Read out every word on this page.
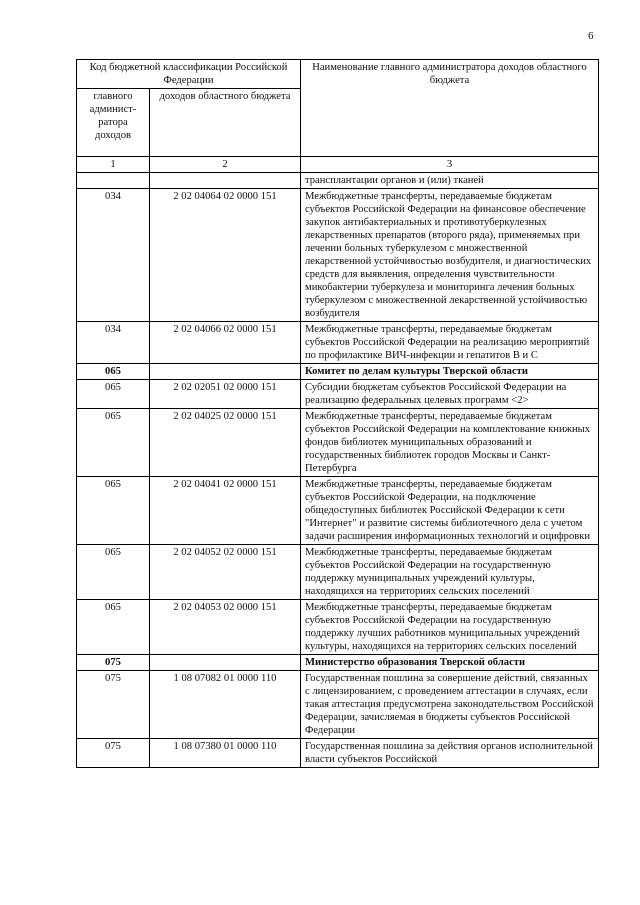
6
Код бюджетной классификации Российской Федерации		Наименование главного администратора доходов областного бюджета
главного админист-ратора доходов	доходов областного бюджета	
1	2	3
		трансплантации органов и (или) тканей
034	2 02 04064 02 0000 151	Межбюджетные трансферты, передаваемые бюджетам субъектов Российской Федерации на финансовое обеспечение закупок антибактериальных и противотуберкулезных лекарственных препаратов (второго ряда), применяемых при лечении больных туберкулезом с множественной лекарственной устойчивостью возбудителя, и диагностических средств для выявления, определения чувствительности микобактерии туберкулеза и мониторинга лечения больных туберкулезом с множественной лекарственной устойчивостью возбудителя
034	2 02 04066 02 0000 151	Межбюджетные трансферты, передаваемые бюджетам субъектов Российской Федерации на реализацию мероприятий по профилактике ВИЧ-инфекции и гепатитов B и C
065		Комитет по делам культуры Тверской области
065	2 02 02051 02 0000 151	Субсидии бюджетам субъектов Российской Федерации на реализацию федеральных целевых программ <2>
065	2 02 04025 02 0000 151	Межбюджетные трансферты, передаваемые бюджетам субъектов Российской Федерации на комплектование книжных фондов библиотек муниципальных образований и государственных библиотек городов Москвы и Санкт-Петербурга
065	2 02 04041 02 0000 151	Межбюджетные трансферты, передаваемые бюджетам субъектов Российской Федерации, на подключение общедоступных библиотек Российской Федерации к сети "Интернет" и развитие системы библиотечного дела с учетом задачи расширения информационных технологий и оцифровки
065	2 02 04052 02 0000 151	Межбюджетные трансферты, передаваемые бюджетам субъектов Российской Федерации на государственную поддержку муниципальных учреждений культуры, находящихся на территориях сельских поселений
065	2 02 04053 02 0000 151	Межбюджетные трансферты, передаваемые бюджетам субъектов Российской Федерации на государственную поддержку лучших работников муниципальных учреждений культуры, находящихся на территориях сельских поселений
075		Министерство образования Тверской области
075	1 08 07082 01 0000 110	Государственная пошлина за совершение действий, связанных с лицензированием, с проведением аттестации в случаях, если такая аттестация предусмотрена законодательством Российской Федерации, зачисляемая в бюджеты субъектов Российской Федерации
075	1 08 07380 01 0000 110	Государственная пошлина за действия органов исполнительной власти субъектов Российской
